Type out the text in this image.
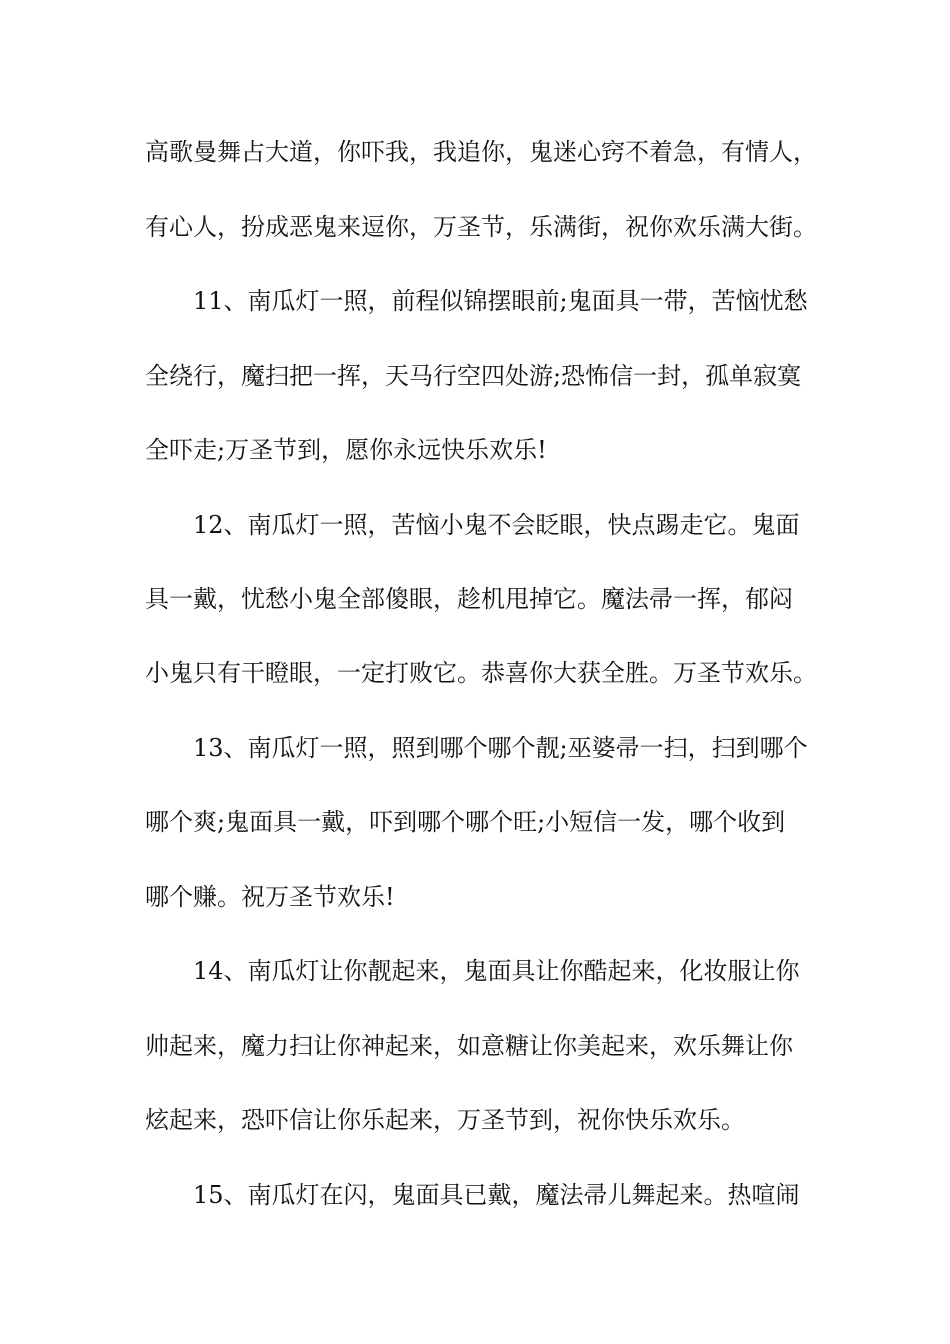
高歌曼舞占大道，你吓我，我追你，鬼迷心窍不着急，有情人，
有心人，扮成恶鬼来逗你，万圣节，乐满街，祝你欢乐满大街。
11、南瓜灯一照，前程似锦摆眼前;鬼面具一带，苦恼忧愁
全绕行，魔扫把一挥，天马行空四处游;恐怖信一封，孤单寂寞
全吓走;万圣节到，愿你永远快乐欢乐!
12、南瓜灯一照，苦恼小鬼不会眨眼，快点踢走它。鬼面
具一戴，忧愁小鬼全部傻眼，趁机甩掉它。魔法帚一挥，郁闷
小鬼只有干瞪眼，一定打败它。恭喜你大获全胜。万圣节欢乐。
13、南瓜灯一照，照到哪个哪个靓;巫婆帚一扫，扫到哪个
哪个爽;鬼面具一戴，吓到哪个哪个旺;小短信一发，哪个收到
哪个赚。祝万圣节欢乐!
14、南瓜灯让你靓起来，鬼面具让你酷起来，化妆服让你
帅起来，魔力扫让你神起来，如意糖让你美起来，欢乐舞让你
炫起来，恐吓信让你乐起来，万圣节到，祝你快乐欢乐。
15、南瓜灯在闪，鬼面具已戴，魔法帚儿舞起来。热喧闹
